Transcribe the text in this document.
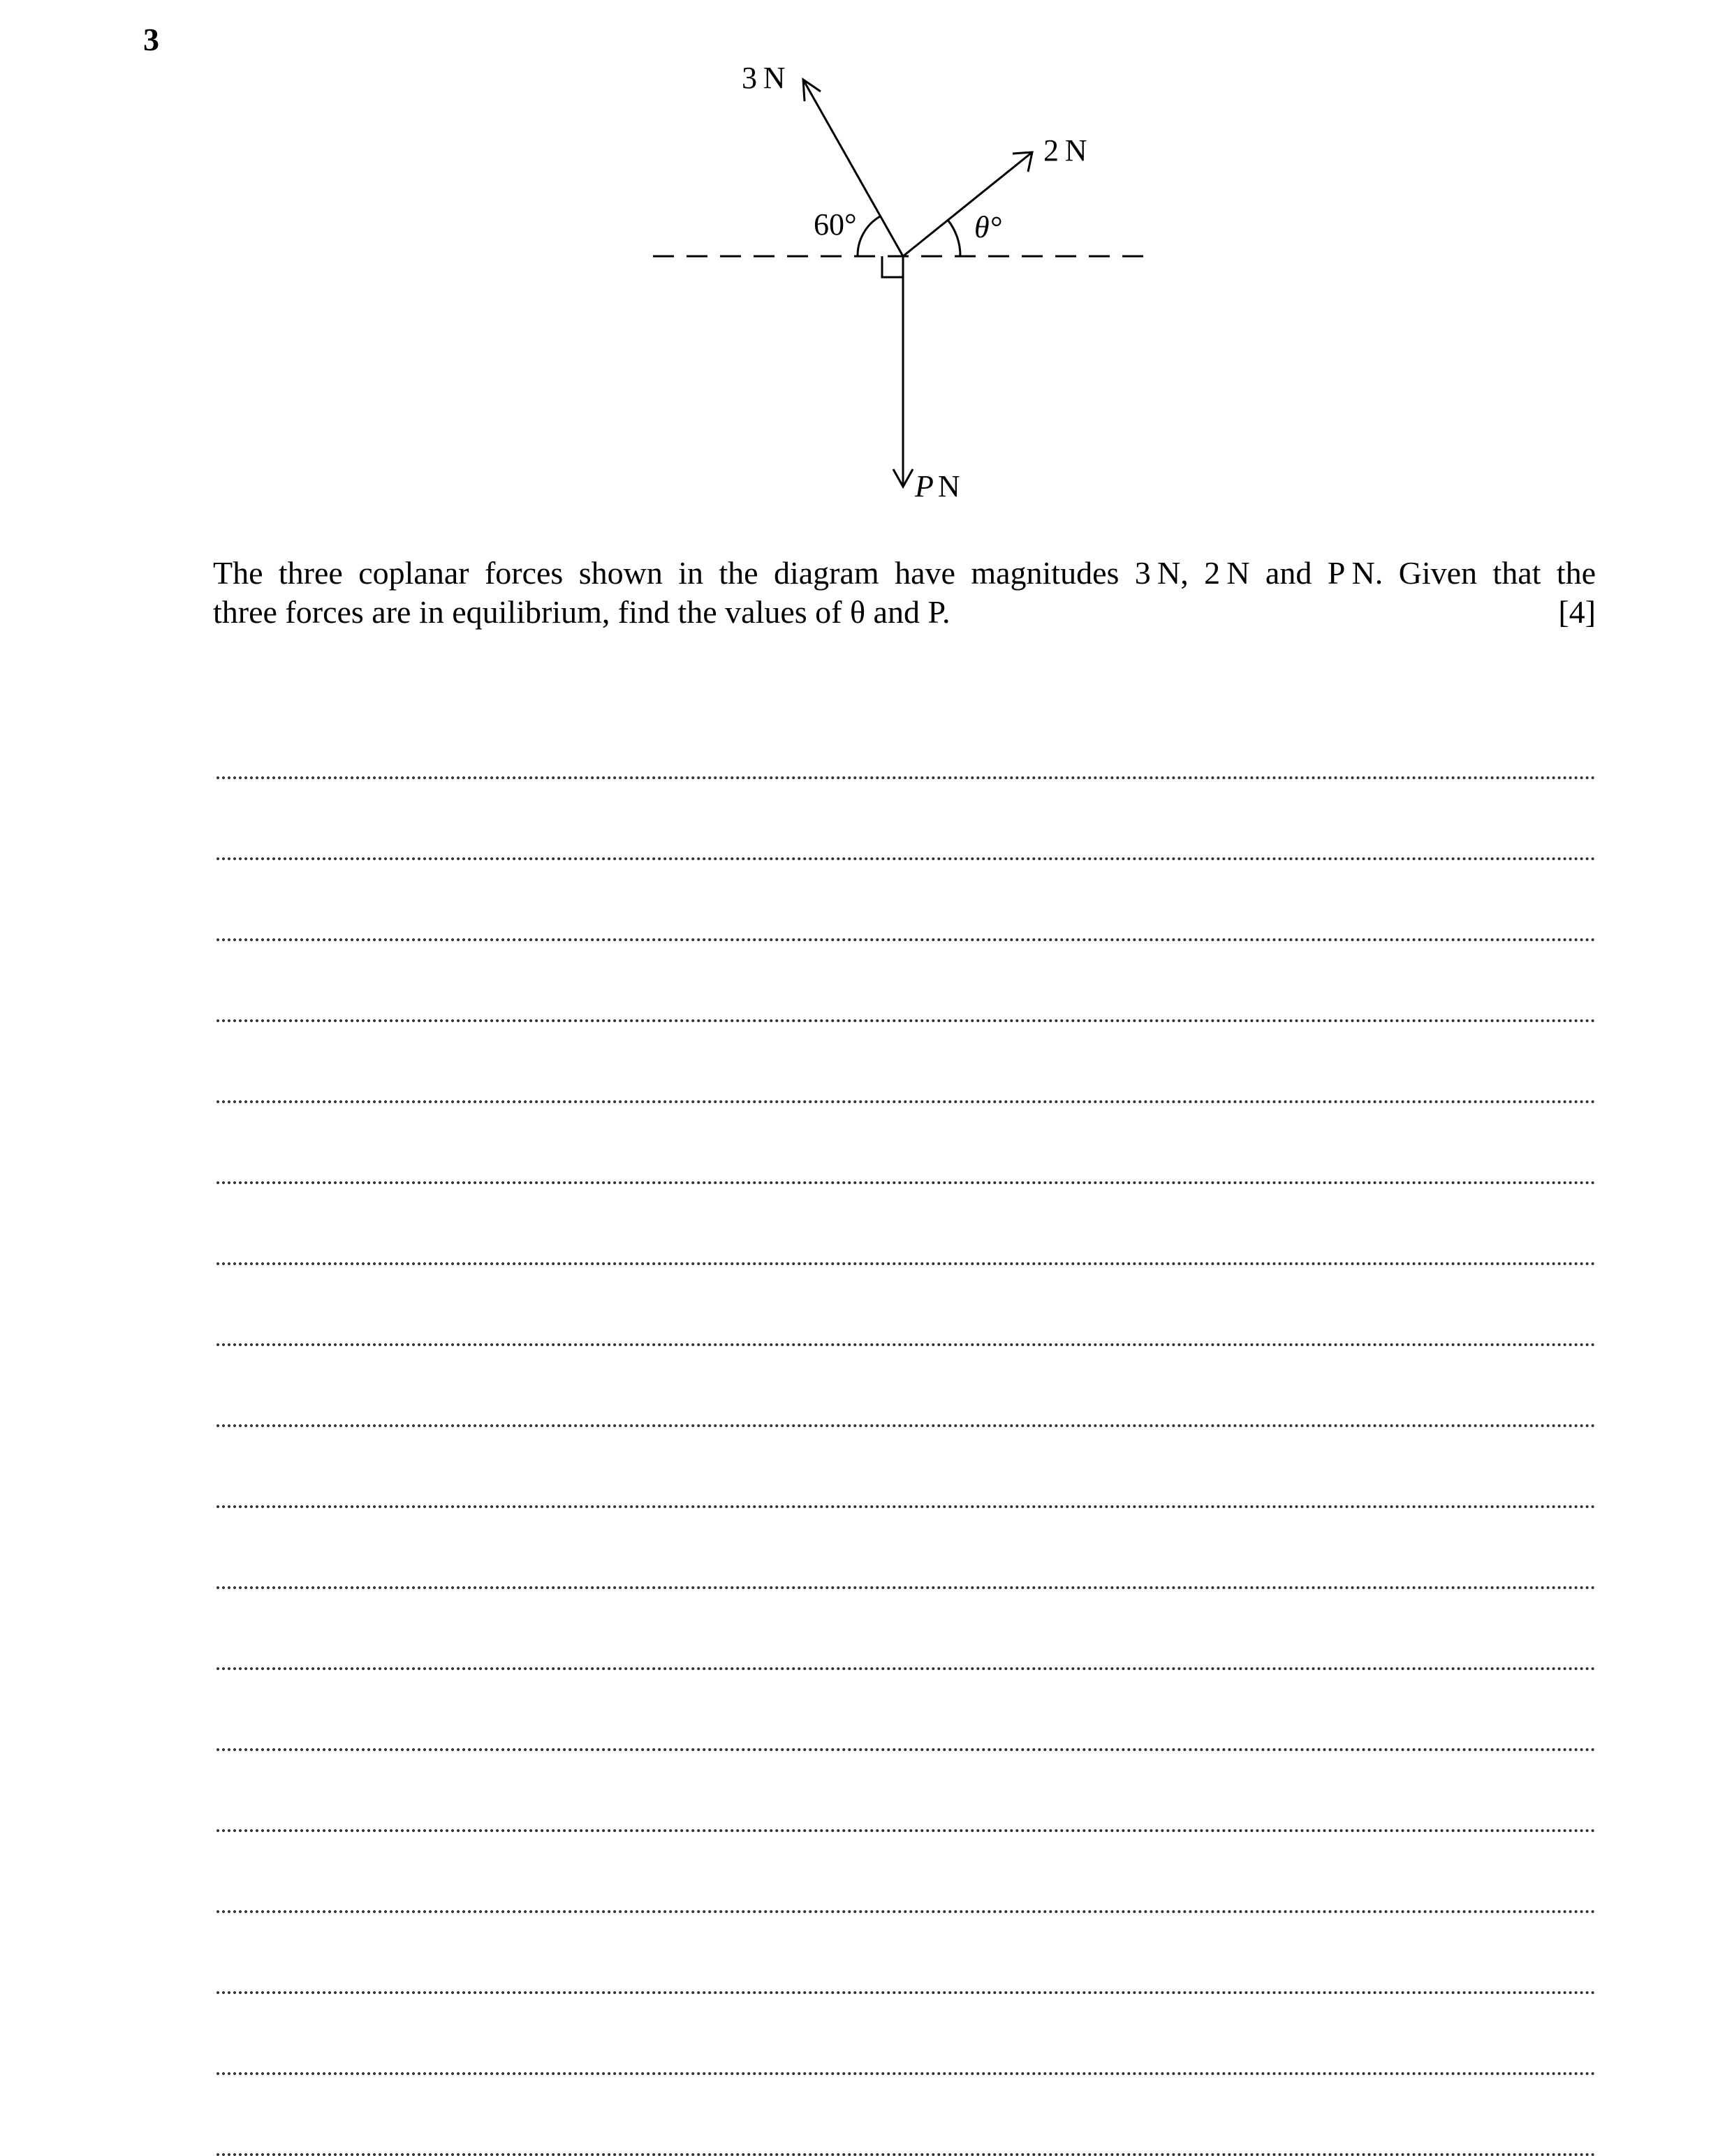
3
3 N
2 N
60°	θ°
P N
The three coplanar forces shown in the diagram have magnitudes 3 N, 2 N and P N. Given that the
three forces are in equilibrium, find the values of θ and P.	[4]
